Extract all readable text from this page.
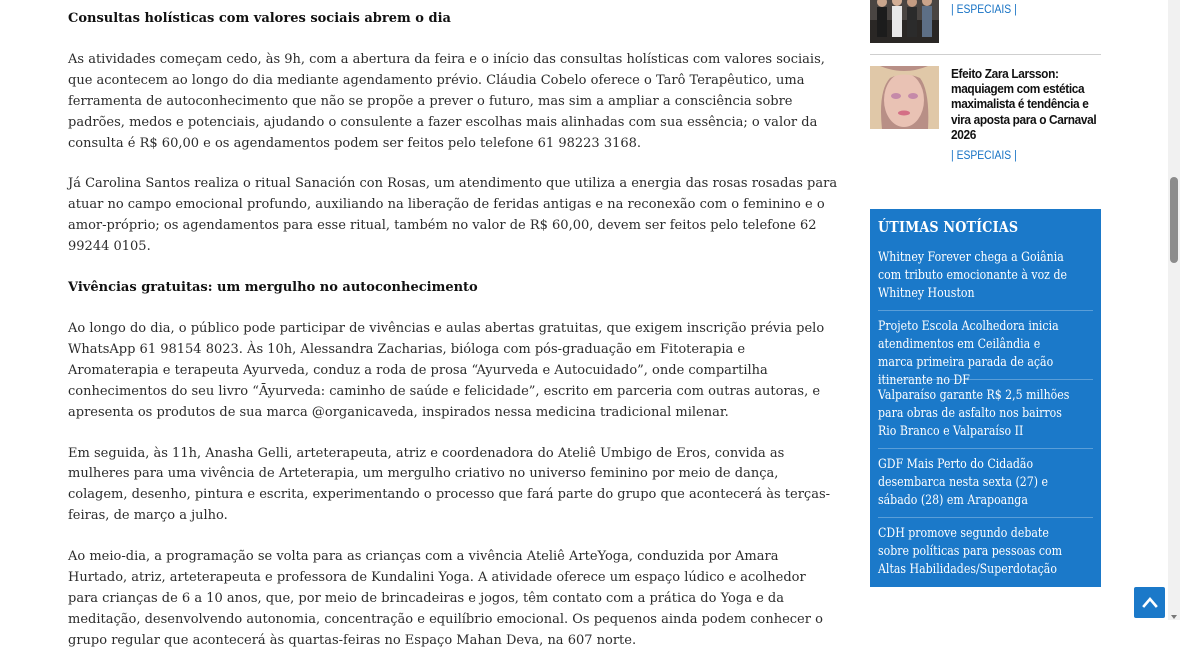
Consultas holísticas com valores sociais abrem o dia

As atividades começam cedo, às 9h, com a abertura da feira e o início das consultas holísticas com valores sociais, que acontecem ao longo do dia mediante agendamento prévio. Cláudia Cobelo oferece o Tarô Terapêutico, uma ferramenta de autoconhecimento que não se propõe a prever o futuro, mas sim a ampliar a consciência sobre padrões, medos e potenciais, ajudando o consulente a fazer escolhas mais alinhadas com sua essência; o valor da consulta é R$ 60,00 e os agendamentos podem ser feitos pelo telefone 61 98223 3168.

Já Carolina Santos realiza o ritual Sanación con Rosas, um atendimento que utiliza a energia das rosas rosadas para atuar no campo emocional profundo, auxiliando na liberação de feridas antigas e na reconexão com o feminino e o amor-próprio; os agendamentos para esse ritual, também no valor de R$ 60,00, devem ser feitos pelo telefone 62 99244 0105.

Vivências gratuitas: um mergulho no autoconhecimento

Ao longo do dia, o público pode participar de vivências e aulas abertas gratuitas, que exigem inscrição prévia pelo WhatsApp 61 98154 8023. Às 10h, Alessandra Zacharias, bióloga com pós-graduação em Fitoterapia e Aromaterapia e terapeuta Ayurveda, conduz a roda de prosa “Ayurveda e Autocuidado”, onde compartilha conhecimentos do seu livro “Āyurveda: caminho de saúde e felicidade”, escrito em parceria com outras autoras, e apresenta os produtos de sua marca @organicaveda, inspirados nessa medicina tradicional milenar.

Em seguida, às 11h, Anasha Gelli, arteterapeuta, atriz e coordenadora do Ateliê Umbigo de Eros, convida as mulheres para uma vivência de Arteterapia, um mergulho criativo no universo feminino por meio de dança, colagem, desenho, pintura e escrita, experimentando o processo que fará parte do grupo que acontecerá às terças-feiras, de março a julho.

Ao meio-dia, a programação se volta para as crianças com a vivência Ateliê ArteYoga, conduzida por Amara Hurtado, atriz, arteterapeuta e professora de Kundalini Yoga. A atividade oferece um espaço lúdico e acolhedor para crianças de 6 a 10 anos, que, por meio de brincadeiras e jogos, têm contato com a prática do Yoga e da meditação, desenvolvendo autonomia, concentração e equilíbrio emocional. Os pequenos ainda podem conhecer o grupo regular que acontecerá às quartas-feiras no Espaço Mahan Deva, na 607 norte.

| ESPECIAIS |
Efeito Zara Larsson: maquiagem com estética maximalista é tendência e vira aposta para o Carnaval 2026
| ESPECIAIS |
ÚTIMAS NOTÍCIAS
Whitney Forever chega a Goiânia com tributo emocionante à voz de Whitney Houston
Projeto Escola Acolhedora inicia atendimentos em Ceilândia e marca primeira parada de ação itinerante no DF
Valparaíso garante R$ 2,5 milhões para obras de asfalto nos bairros Rio Branco e Valparaíso II
GDF Mais Perto do Cidadão desembarca nesta sexta (27) e sábado (28) em Arapoanga
CDH promove segundo debate sobre políticas para pessoas com Altas Habilidades/Superdotação
